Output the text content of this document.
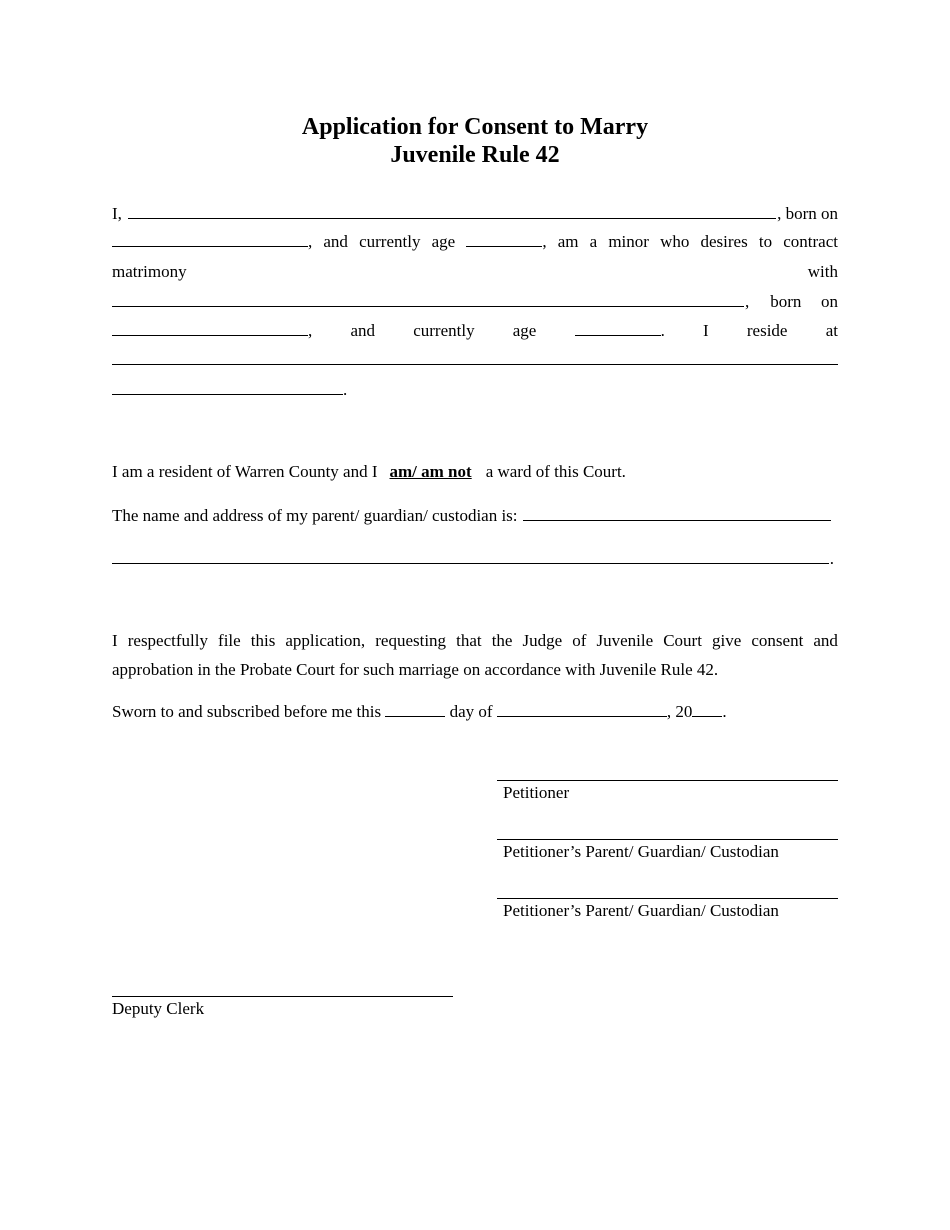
Application for Consent to Marry
Juvenile Rule 42
I,	, born on
, and currently age	, am a minor who desires to contract
matrimony	with
, born on
, and currently age	. I reside at
.
I am a resident of Warren County and I am/ am not a ward of this Court.
The name and address of my parent/ guardian/ custodian is:
.
I respectfully file this application, requesting that the Judge of Juvenile Court give consent and
approbation in the Probate Court for such marriage on accordance with Juvenile Rule 42.
Sworn to and subscribed before me this	day of	, 20 .
Petitioner
Petitioner’s Parent/ Guardian/ Custodian
Petitioner’s Parent/ Guardian/ Custodian
Deputy Clerk
